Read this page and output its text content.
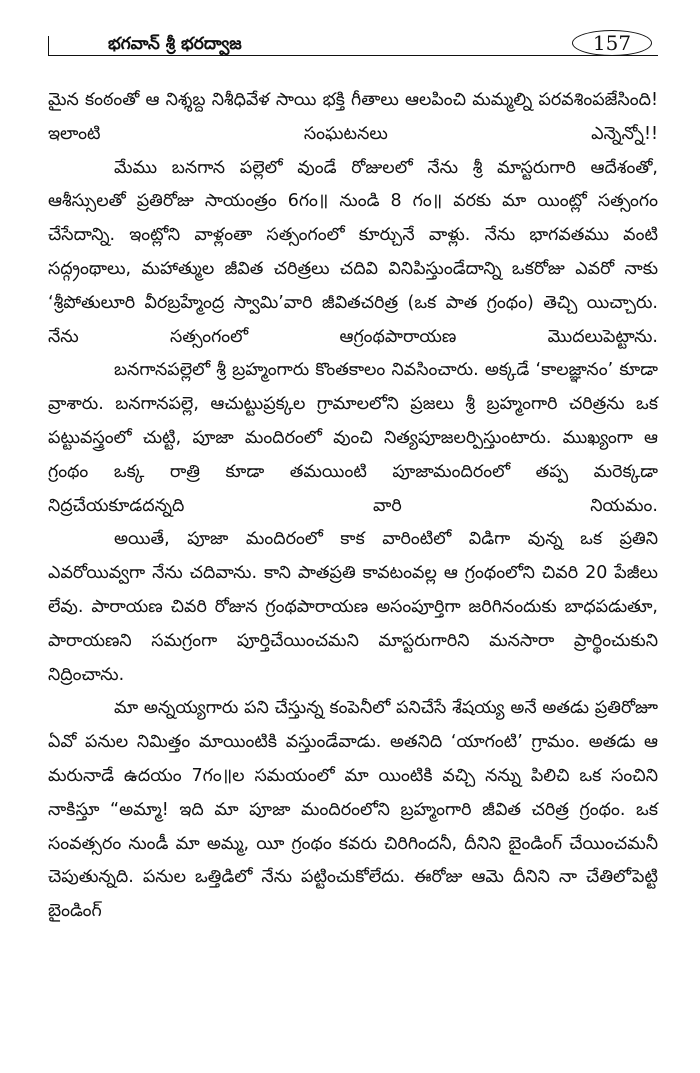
భగవాన్ శ్రీ భరద్వాజ	157

మైన కంఠంతో ఆ నిశ్శబ్ద నిశీధివేళ సాయి భక్తి గీతాలు ఆలపించి మమ్మల్ని పరవశింపజేసింది! ఇలాంటి సంఘటనలు ఎన్నెన్నో!!

మేము బనగాన పల్లెలో వుండే రోజులలో నేను శ్రీ మాస్టరుగారి ఆదేశంతో, ఆశీస్సులతో ప్రతిరోజు సాయంత్రం 6గం॥ నుండి 8 గం॥ వరకు మా యింట్లో సత్సంగం చేసేదాన్ని. ఇంట్లోని వాళ్లంతా సత్సంగంలో కూర్చునే వాళ్లు. నేను భాగవతము వంటి సద్గ్రంథాలు, మహాత్ముల జీవిత చరిత్రలు చదివి వినిపిస్తుండేదాన్ని ఒకరోజు ఎవరో నాకు ‘శ్రీపోతులూరి వీరబ్రహ్మేంద్ర స్వామి’వారి జీవితచరిత్ర (ఒక పాత గ్రంథం) తెచ్చి యిచ్చారు. నేను సత్సంగంలో ఆగ్రంథపారాయణ మొదలుపెట్టాను.

బనగానపల్లెలో శ్రీ బ్రహ్మంగారు కొంతకాలం నివసించారు. అక్కడే ‘కాలజ్ఞానం’ కూడా వ్రాశారు. బనగానపల్లె, ఆచుట్టుప్రక్కల గ్రామాలలోని ప్రజలు శ్రీ బ్రహ్మంగారి చరిత్రను ఒక పట్టువస్త్రంలో చుట్టి, పూజా మందిరంలో వుంచి నిత్యపూజలర్పిస్తుంటారు. ముఖ్యంగా ఆ గ్రంథం ఒక్క రాత్రి కూడా తమయింటి పూజామందిరంలో తప్ప మరెక్కడా నిద్రచేయకూడదన్నది వారి నియమం.

అయితే, పూజా మందిరంలో కాక వారింటిలో విడిగా వున్న ఒక ప్రతిని ఎవరోయివ్వగా నేను చదివాను. కాని పాతప్రతి కావటంవల్ల ఆ గ్రంథంలోని చివరి 20 పేజీలు లేవు. పారాయణ చివరి రోజున గ్రంథపారాయణ అసంపూర్తిగా జరిగినందుకు బాధపడుతూ, పారాయణని సమగ్రంగా పూర్తిచేయించమని మాస్టరుగారిని మనసారా ప్రార్థించుకుని నిద్రించాను.

మా అన్నయ్యగారు పని చేస్తున్న కంపెనీలో పనిచేసే శేషయ్య అనే అతడు ప్రతిరోజూ ఏవో పనుల నిమిత్తం మాయింటికి వస్తుండేవాడు. అతనిది ‘యాగంటి’ గ్రామం. అతడు ఆ మరునాడే ఉదయం 7గం॥ల సమయంలో మా యింటికి వచ్చి నన్ను పిలిచి ఒక సంచిని నాకిస్తూ “అమ్మా! ఇది మా పూజా మందిరంలోని బ్రహ్మంగారి జీవిత చరిత్ర గ్రంథం. ఒక సంవత్సరం నుండీ మా అమ్మ, యీ గ్రంథం కవరు చిరిగిందనీ, దీనిని బైండింగ్ చేయించమనీ చెపుతున్నది. పనుల ఒత్తిడిలో నేను పట్టించుకోలేదు. ఈరోజు ఆమె దీనిని నా చేతిలోపెట్టి బైండింగ్
